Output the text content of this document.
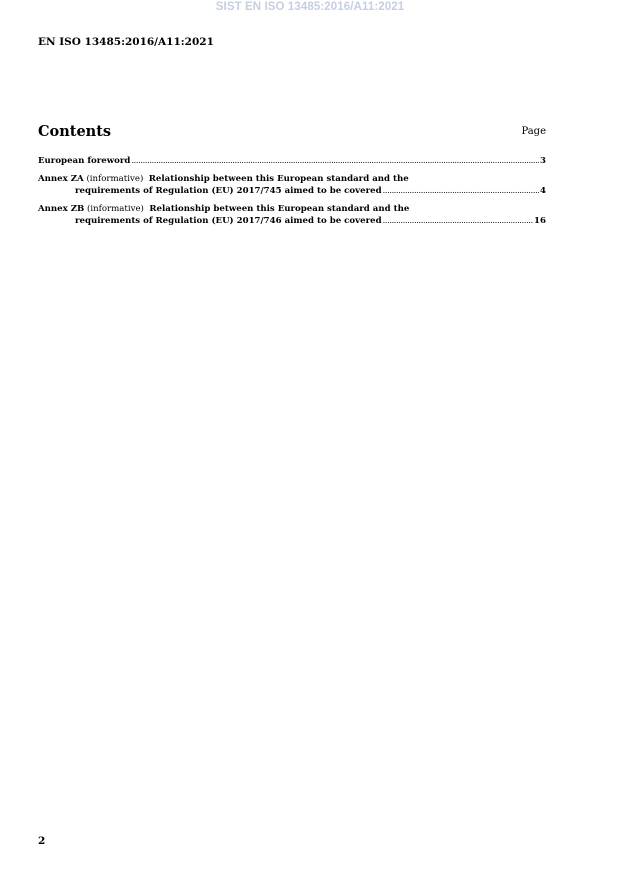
SIST EN ISO 13485:2016/A11:2021
EN ISO 13485:2016/A11:2021
Contents	Page
European foreword .....	3
Annex ZA
(informative)
Relationship between this European standard and the
requirements of Regulation (EU) 2017/745 aimed to be covered .....	4
Annex ZB
(informative)
Relationship between this European standard and the
requirements of Regulation (EU) 2017/746 aimed to be covered .....	16
2
